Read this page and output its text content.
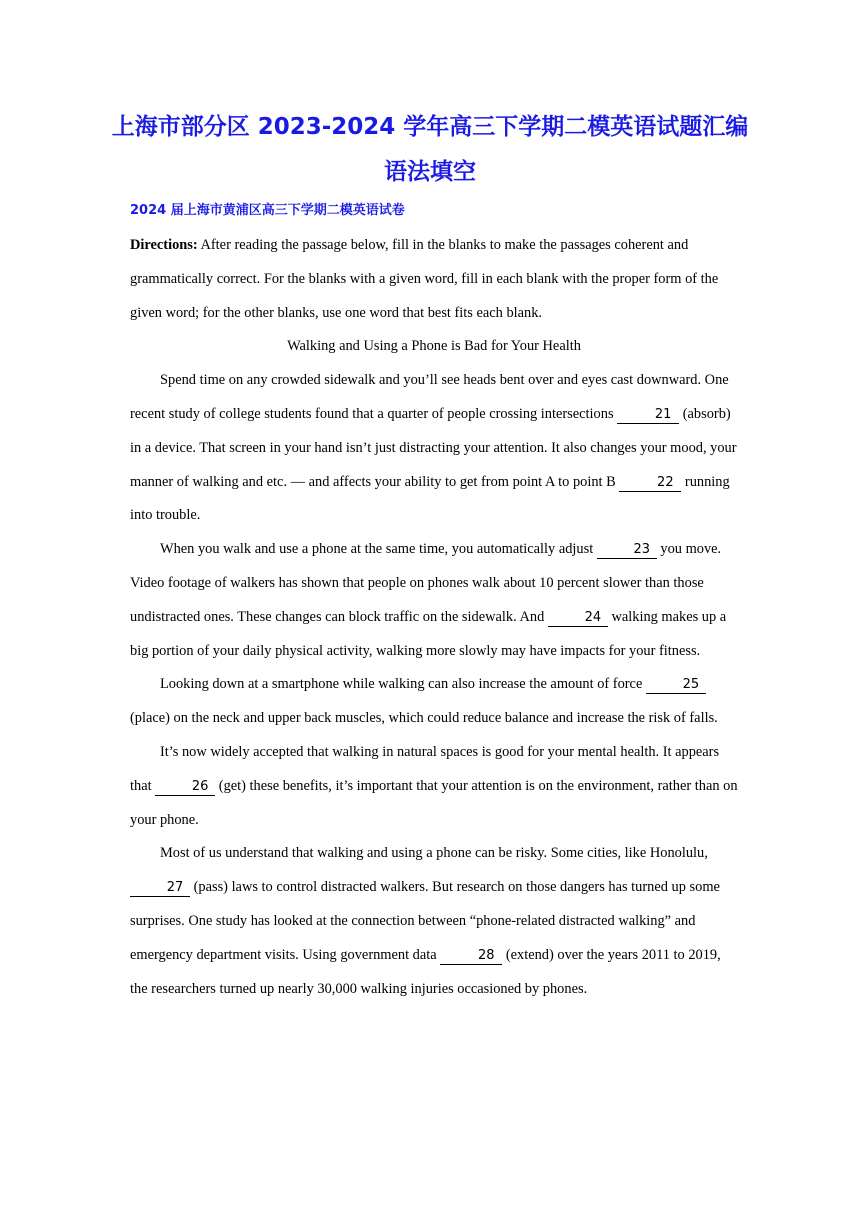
上海市部分区 2023-2024 学年高三下学期二模英语试题汇编
语法填空
2024 届上海市黄浦区高三下学期二模英语试卷

Directions: After reading the passage below, fill in the blanks to make the passages coherent and grammatically correct. For the blanks with a given word, fill in each blank with the proper form of the given word; for the other blanks, use one word that best fits each blank.

Walking and Using a Phone is Bad for Your Health

Spend time on any crowded sidewalk and you’ll see heads bent over and eyes cast downward. One recent study of college students found that a quarter of people crossing intersections	21 (absorb) in a device. That screen in your hand isn’t just distracting your attention. It also changes your mood, your manner of walking and etc. — and affects your ability to get from point A to point B	22 running into trouble.

When you walk and use a phone at the same time, you automatically adjust	23 you move. Video footage of walkers has shown that people on phones walk about 10 percent slower than those undistracted ones. These changes can block traffic on the sidewalk. And	24 walking makes up a big portion of your daily physical activity, walking more slowly may have impacts for your fitness.

Looking down at a smartphone while walking can also increase the amount of force	25 (place) on the neck and upper back muscles, which could reduce balance and increase the risk of falls.

It’s now widely accepted that walking in natural spaces is good for your mental health. It appears that	26 (get) these benefits, it’s important that your attention is on the environment, rather than on your phone.

Most of us understand that walking and using a phone can be risky. Some cities, like Honolulu, 27 (pass) laws to control distracted walkers. But research on those dangers has turned up some surprises. One study has looked at the connection between “phone-related distracted walking” and emergency department visits. Using government data	28 (extend) over the years 2011 to 2019, the researchers turned up nearly 30,000 walking injuries occasioned by phones.
